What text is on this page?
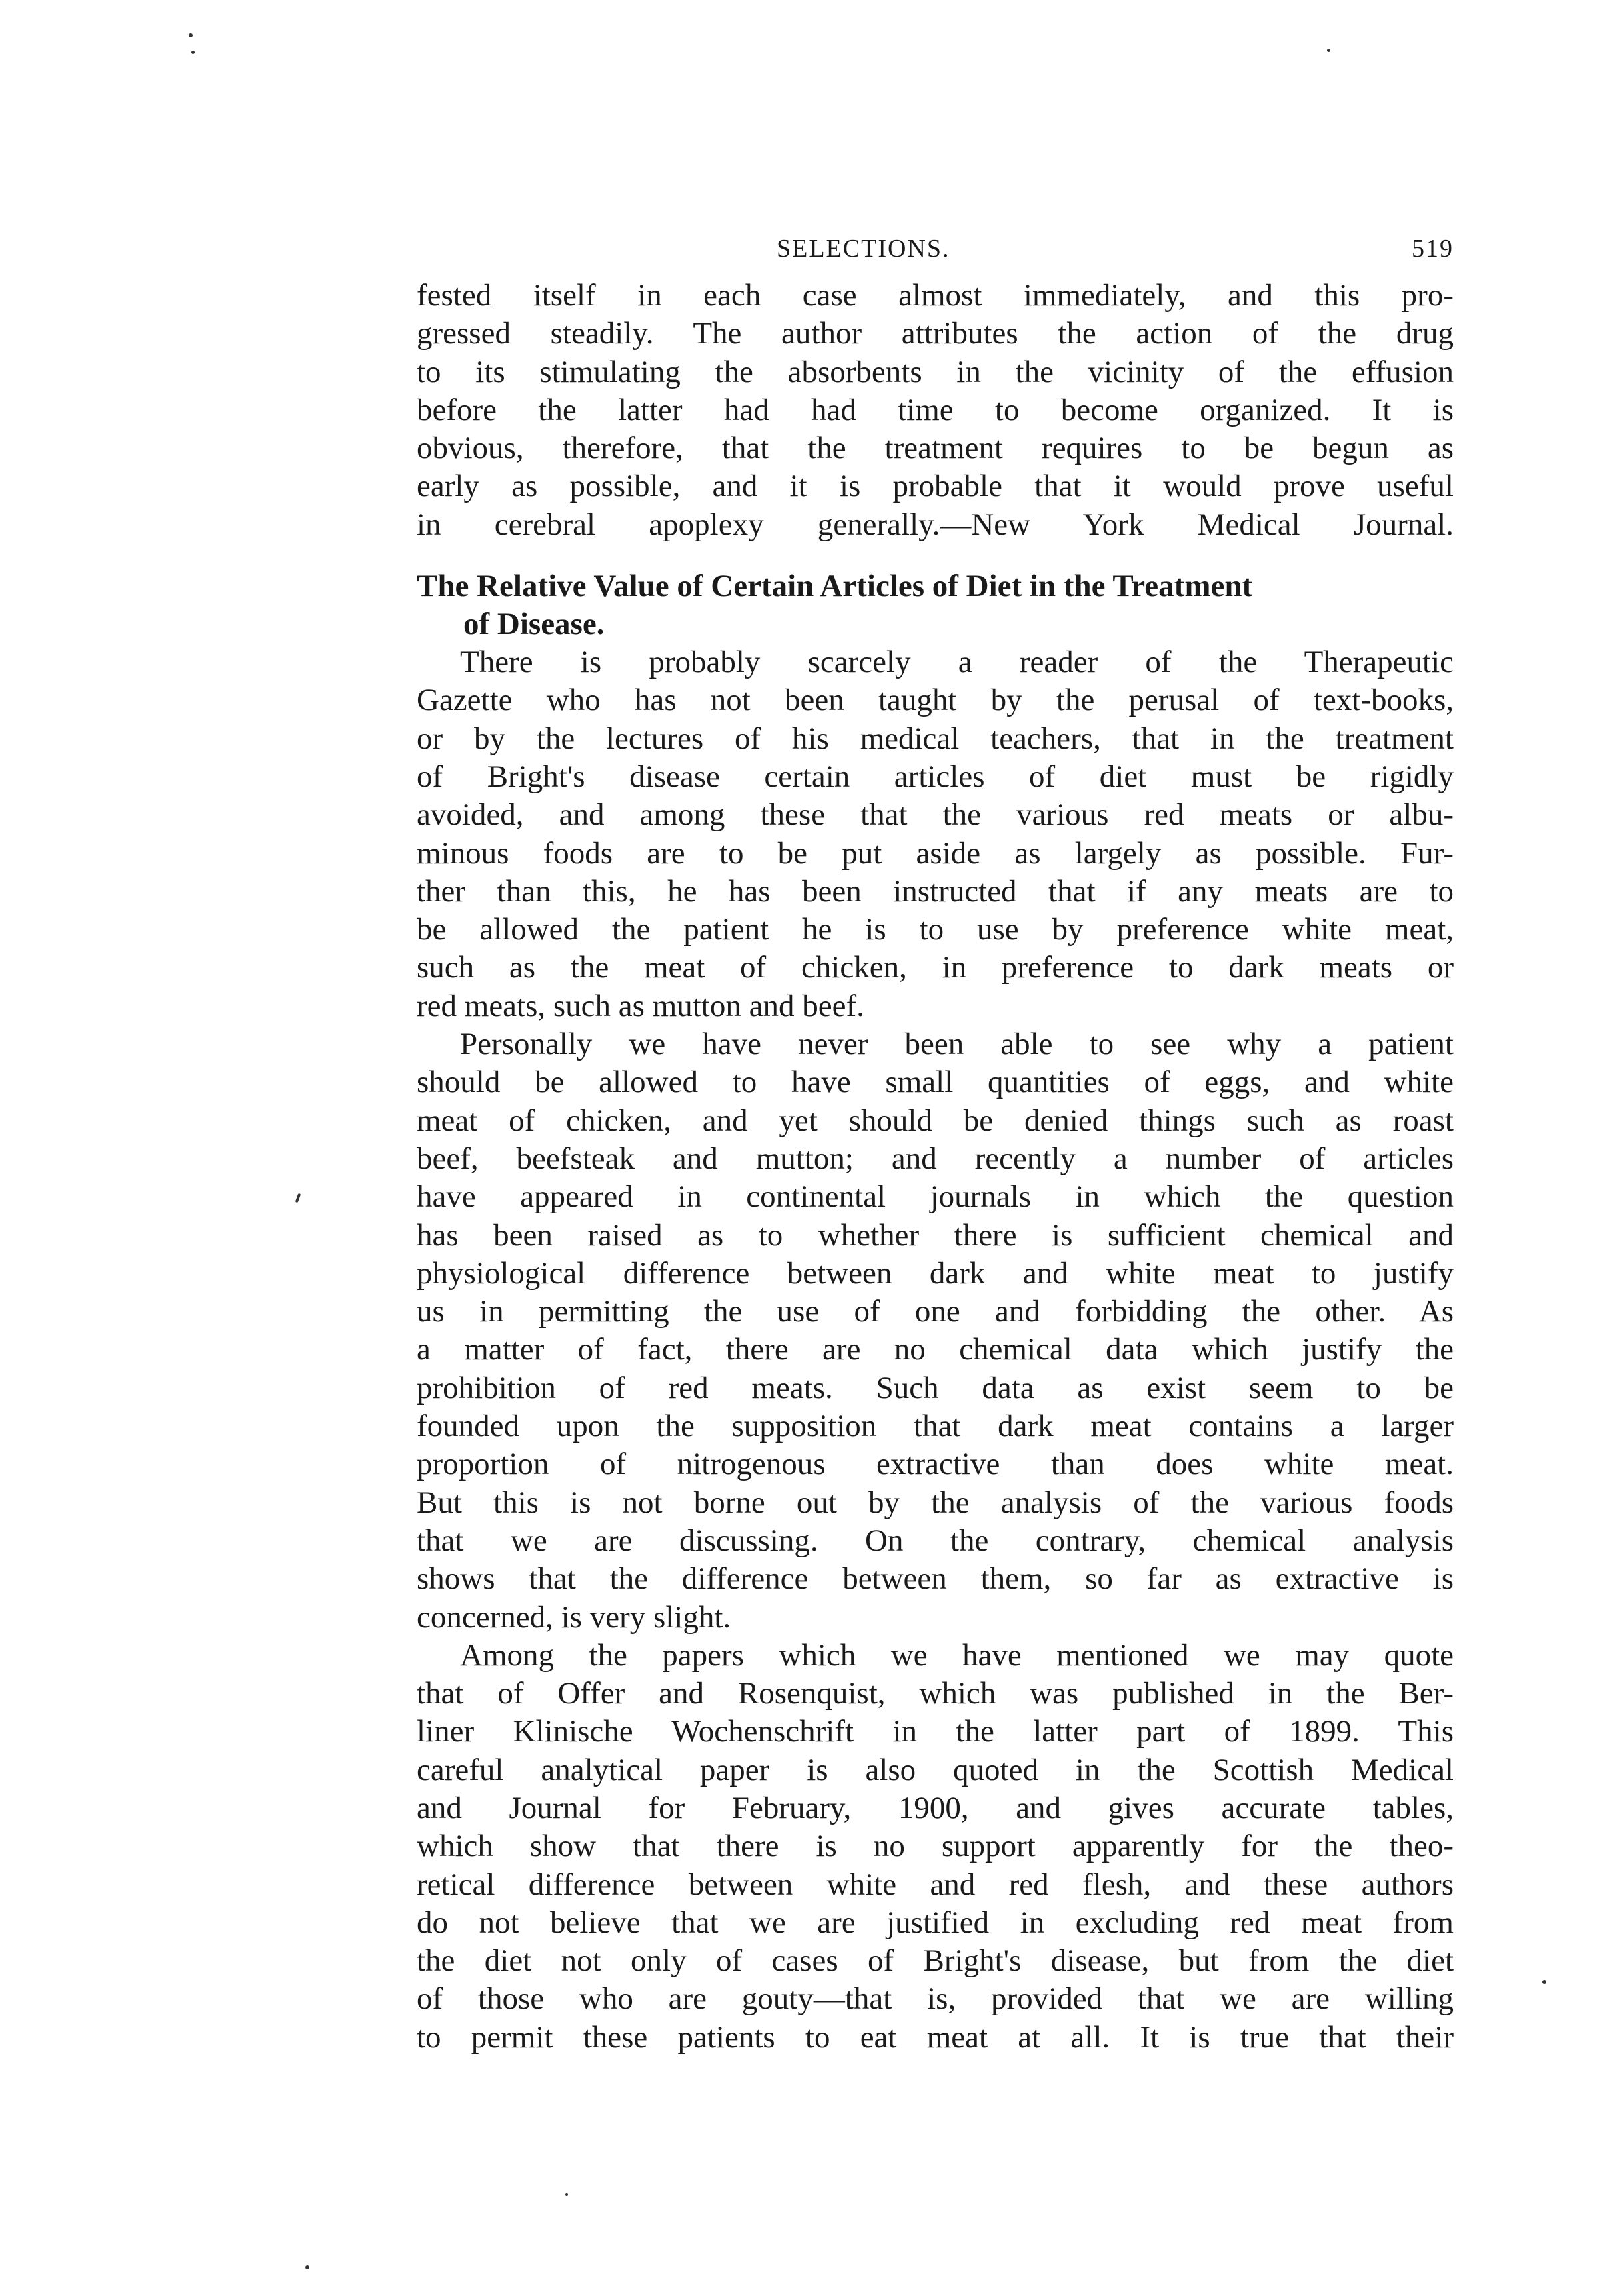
SELECTIONS.	519

fested itself in each case almost immediately, and this pro-
gressed steadily. The author attributes the action of the drug
to its stimulating the absorbents in the vicinity of the effusion
before the latter had had time to become organized. It is
obvious, therefore, that the treatment requires to be begun as
early as possible, and it is probable that it would prove useful
in cerebral apoplexy generally.—New York Medical Journal.

The Relative Value of Certain Articles of Diet in the Treatment
of Disease.

There is probably scarcely a reader of the Therapeutic
Gazette who has not been taught by the perusal of text-books,
or by the lectures of his medical teachers, that in the treatment
of Bright's disease certain articles of diet must be rigidly
avoided, and among these that the various red meats or albu-
minous foods are to be put aside as largely as possible. Fur-
ther than this, he has been instructed that if any meats are to
be allowed the patient he is to use by preference white meat,
such as the meat of chicken, in preference to dark meats or
red meats, such as mutton and beef.

Personally we have never been able to see why a patient
should be allowed to have small quantities of eggs, and white
meat of chicken, and yet should be denied things such as roast
beef, beefsteak and mutton; and recently a number of articles
have appeared in continental journals in which the question
has been raised as to whether there is sufficient chemical and
physiological difference between dark and white meat to justify
us in permitting the use of one and forbidding the other. As
a matter of fact, there are no chemical data which justify the
prohibition of red meats. Such data as exist seem to be
founded upon the supposition that dark meat contains a larger
proportion of nitrogenous extractive than does white meat.
But this is not borne out by the analysis of the various foods
that we are discussing. On the contrary, chemical analysis
shows that the difference between them, so far as extractive is
concerned, is very slight.

Among the papers which we have mentioned we may quote
that of Offer and Rosenquist, which was published in the Ber-
liner Klinische Wochenschrift in the latter part of 1899. This
careful analytical paper is also quoted in the Scottish Medical
and Journal for February, 1900, and gives accurate tables,
which show that there is no support apparently for the theo-
retical difference between white and red flesh, and these authors
do not believe that we are justified in excluding red meat from
the diet not only of cases of Bright's disease, but from the diet
of those who are gouty—that is, provided that we are willing
to permit these patients to eat meat at all. It is true that their
